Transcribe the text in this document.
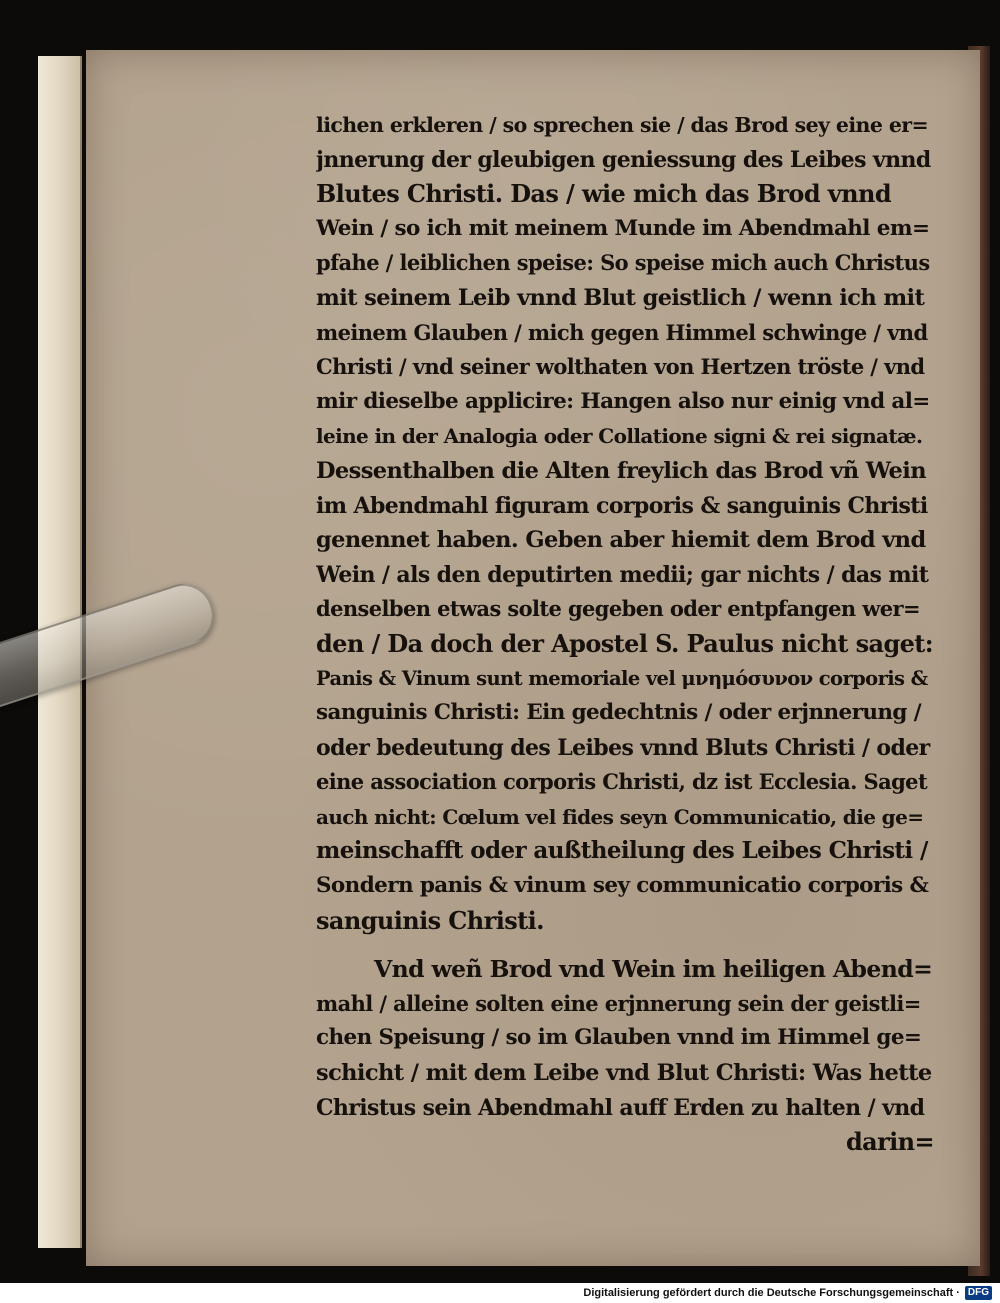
lichen erkleren / so sprechen sie / das Brod sey eine er=
jnnerung der gleubigen geniessung des Leibes vnnd
Blutes Christi. Das / wie mich das Brod vnnd
Wein / so ich mit meinem Munde im Abendmahl em=
pfahe / leiblichen speise: So speise mich auch Christus
mit seinem Leib vnnd Blut geistlich / wenn ich mit
meinem Glauben / mich gegen Himmel schwinge / vnd
Christi / vnd seiner wolthaten von Hertzen tröste / vnd
mir dieselbe applicire: Hangen also nur einig vnd al=
leine in der Analogia oder Collatione signi & rei signatæ.
Dessenthalben die Alten freylich das Brod vñ Wein
im Abendmahl figuram corporis & sanguinis Christi
genennet haben. Geben aber hiemit dem Brod vnd
Wein / als den deputirten medii; gar nichts / das mit
denselben etwas solte gegeben oder entpfangen wer=
den / Da doch der Apostel S. Paulus nicht saget:
Panis & Vinum sunt memoriale vel μνημόσυνον corporis &
sanguinis Christi: Ein gedechtnis / oder erjnnerung /
oder bedeutung des Leibes vnnd Bluts Christi / oder
eine association corporis Christi, dz ist Ecclesia. Saget
auch nicht: Cœlum vel fides seyn Communicatio, die ge=
meinschafft oder außtheilung des Leibes Christi /
Sondern panis & vinum sey communicatio corporis &
sanguinis Christi.
Vnd weñ Brod vnd Wein im heiligen Abend=
mahl / alleine solten eine erjnnerung sein der geistli=
chen Speisung / so im Glauben vnnd im Himmel ge=
schicht / mit dem Leibe vnd Blut Christi: Was hette
Christus sein Abendmahl auff Erden zu halten / vnd
darin=
Digitalisierung gefördert durch die Deutsche Forschungsgemeinschaft · DFG
